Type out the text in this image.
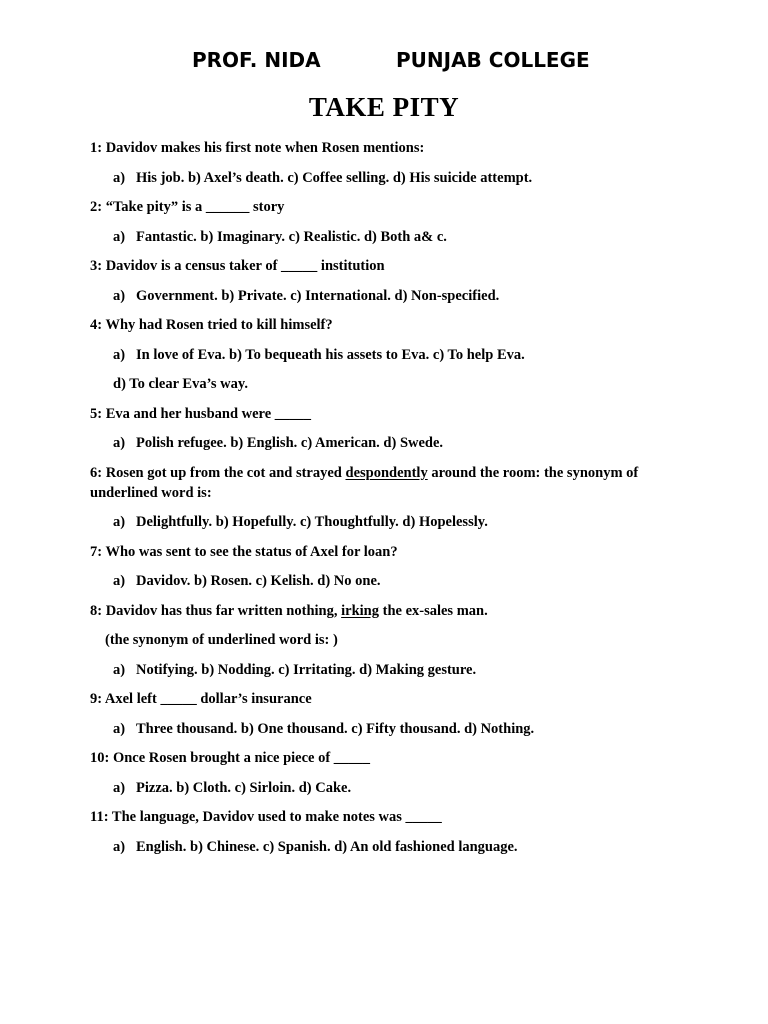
PROF. NIDA	PUNJAB COLLEGE
TAKE PITY
1: Davidov makes his first note when Rosen mentions:
a) His job. b) Axel’s death. c) Coffee selling. d) His suicide attempt.
2: “Take pity” is a ______ story
a) Fantastic. b) Imaginary. c) Realistic. d) Both a& c.
3: Davidov is a census taker of _____ institution
a) Government. b) Private. c) International. d) Non-specified.
4: Why had Rosen tried to kill himself?
a) In love of Eva. b) To bequeath his assets to Eva. c) To help Eva.
d) To clear Eva’s way.
5: Eva and her husband were _____
a) Polish refugee. b) English. c) American. d) Swede.
6: Rosen got up from the cot and strayed despondently around the room: the synonym of underlined word is:
a) Delightfully. b) Hopefully. c) Thoughtfully. d) Hopelessly.
7: Who was sent to see the status of Axel for loan?
a) Davidov. b) Rosen. c) Kelish. d) No one.
8: Davidov has thus far written nothing, irking the ex-sales man.
(the synonym of underlined word is: )
a) Notifying. b) Nodding. c) Irritating. d) Making gesture.
9: Axel left _____ dollar’s insurance
a) Three thousand. b) One thousand. c) Fifty thousand. d) Nothing.
10: Once Rosen brought a nice piece of _____
a) Pizza. b) Cloth. c) Sirloin. d) Cake.
11: The language, Davidov used to make notes was _____
a) English. b) Chinese. c) Spanish. d) An old fashioned language.
